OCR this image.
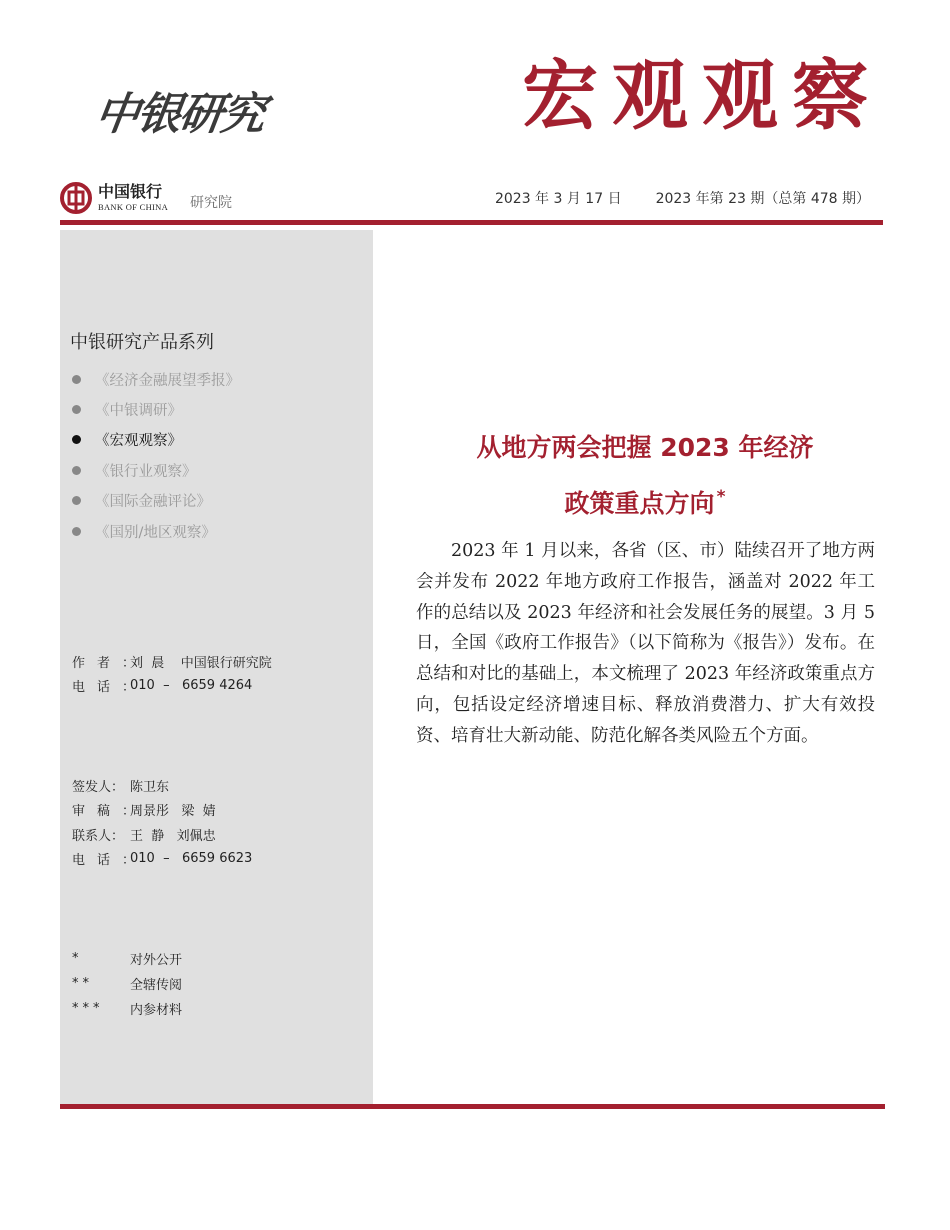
中银研究	宏观观察
中国银行
BANK OF CHINA 研究院	2023 年 3 月 17 日 2023 年第 23 期（总第 478 期）
中银研究产品系列
《经济金融展望季报》
《中银调研》
《宏观观察》
《银行业观察》
《国际金融评论》
《国别/地区观察》
作者：
刘  晨    中国银行研究院
电话：
010  –   6659 4264
签发人： 陈卫东
审稿：
周景彤   梁  婧
联系人： 王  静   刘佩忠
电话：
010  –   6659 6623
*	对外公开
**	全辖传阅
***	内参材料
从地方两会把握 2023 年经济
政策重点方向 *

2023 年 1 月以来，各省（区、市）陆续召开了地方两会并发布 2022 年地方政府工作报告，涵盖对 2022 年工作的总结以及 2023 年经济和社会发展任务的展望。3 月 5 日，全国《政府工作报告》（以下简称为《报告》）发布。在总结和对比的基础上，本文梳理了 2023 年经济政策重点方向，包括设定经济增速目标、释放消费潜力、扩大有效投资、培育壮大新动能、防范化解各类风险五个方面。
